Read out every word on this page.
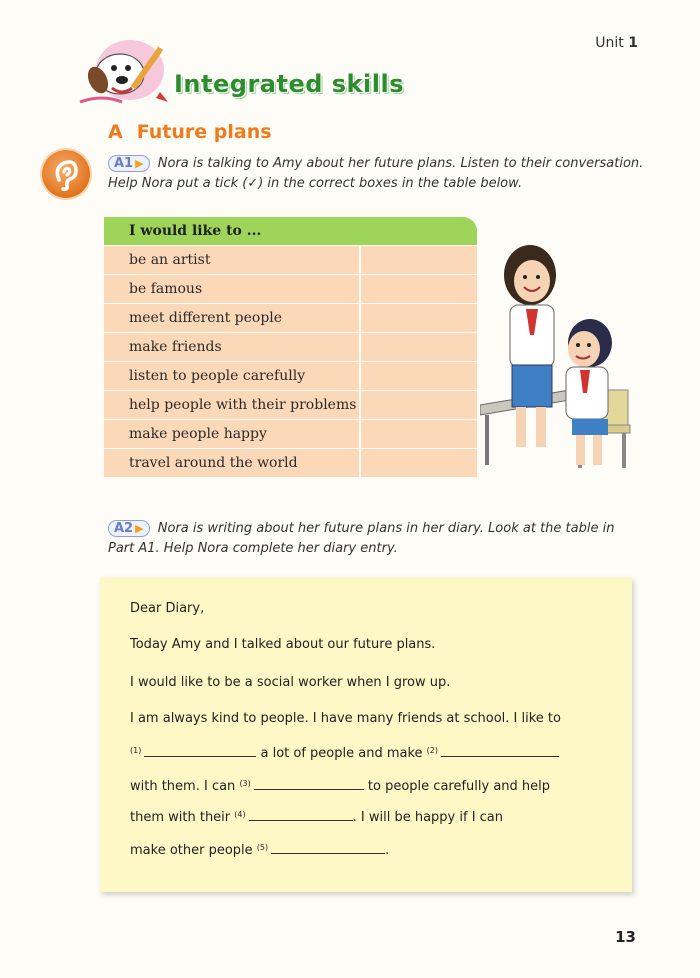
Unit 1
Integrated skills
A Future plans
A1 ▶ Nora is talking to Amy about her future plans. Listen to their conversation. Help Nora put a tick (✓) in the correct boxes in the table below.
I would like to ...
be an artist
be famous
meet different people
make friends
listen to people carefully
help people with their problems
make people happy
travel around the world
A2 ▶ Nora is writing about her future plans in her diary. Look at the table in Part A1. Help Nora complete her diary entry.
Dear Diary,
Today Amy and I talked about our future plans.
I would like to be a social worker when I grow up.
I am always kind to people. I have many friends at school. I like to
$^{(1)}$	a lot of people and make $^{(2)}$
with them. I can $^{(3)}$	to people carefully and help
them with their $^{(4)}$	. I will be happy if I can
make other people $^{(5)}$	.
13
